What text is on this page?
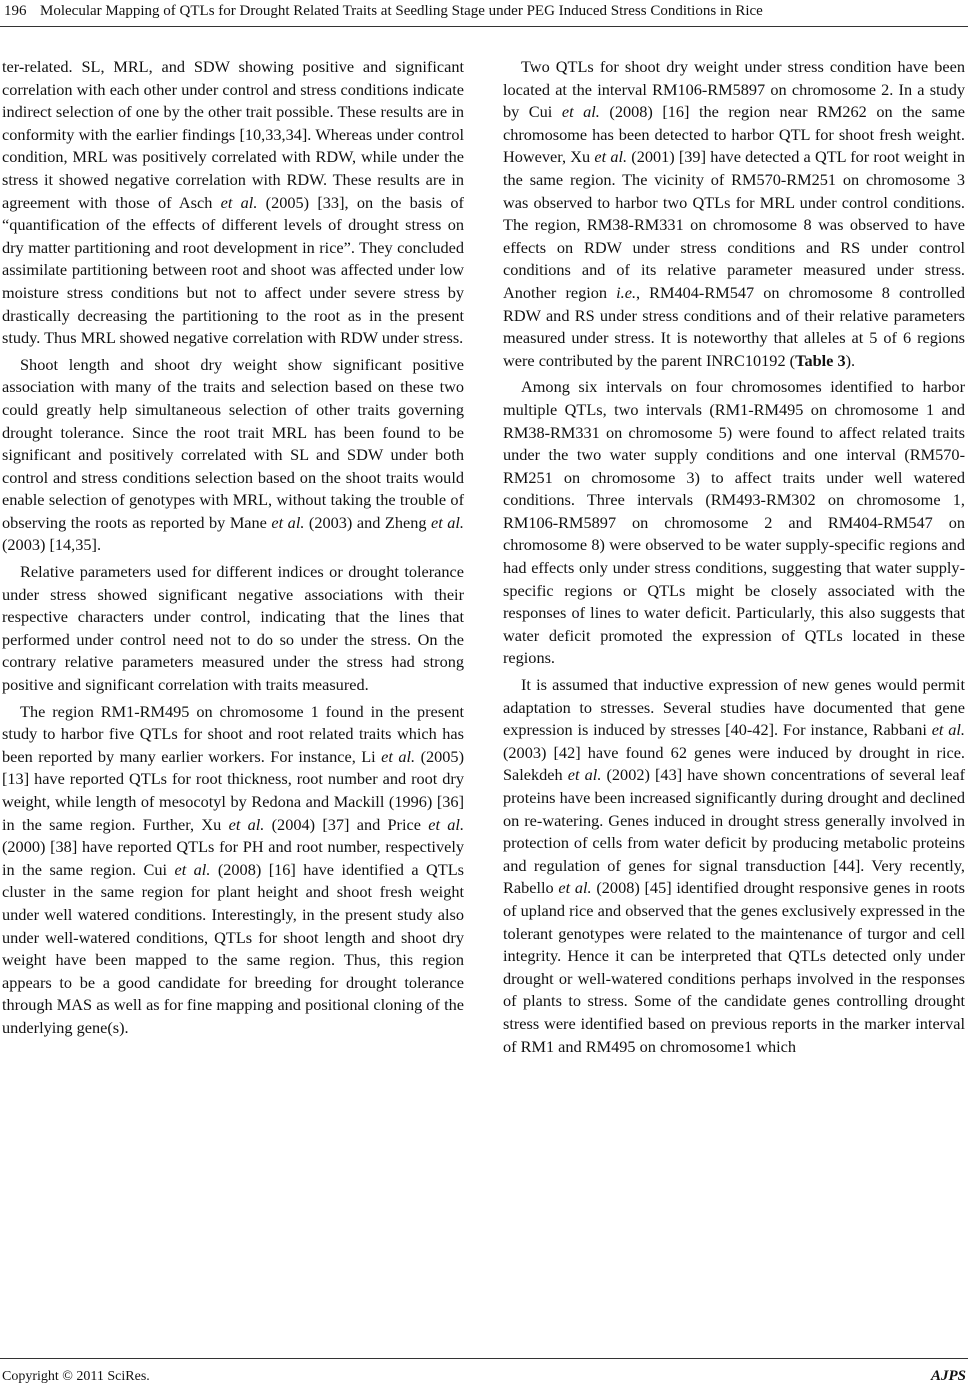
196 Molecular Mapping of QTLs for Drought Related Traits at Seedling Stage under PEG Induced Stress Conditions in Rice

ter-related. SL, MRL, and SDW showing positive and significant correlation with each other under control and stress conditions indicate indirect selection of one by the other trait possible. These results are in conformity with the earlier findings [10,33,34]. Whereas under control condition, MRL was positively correlated with RDW, while under the stress it showed negative correlation with RDW. These results are in agreement with those of Asch et al. (2005) [33], on the basis of “quantification of the effects of different levels of drought stress on dry matter partitioning and root development in rice”. They concluded assimilate partitioning between root and shoot was affected under low moisture stress conditions but not to affect under severe stress by drastically decreasing the partitioning to the root as in the present study. Thus MRL showed negative correlation with RDW under stress.

Shoot length and shoot dry weight show significant positive association with many of the traits and selection based on these two could greatly help simultaneous selection of other traits governing drought tolerance. Since the root trait MRL has been found to be significant and positively correlated with SL and SDW under both control and stress conditions selection based on the shoot traits would enable selection of genotypes with MRL, without taking the trouble of observing the roots as reported by Mane et al. (2003) and Zheng et al. (2003) [14,35].

Relative parameters used for different indices or drought tolerance under stress showed significant negative associations with their respective characters under control, indicating that the lines that performed under control need not to do so under the stress. On the contrary relative parameters measured under the stress had strong positive and significant correlation with traits measured.

The region RM1-RM495 on chromosome 1 found in the present study to harbor five QTLs for shoot and root related traits which has been reported by many earlier workers. For instance, Li et al. (2005) [13] have reported QTLs for root thickness, root number and root dry weight, while length of mesocotyl by Redona and Mackill (1996) [36] in the same region. Further, Xu et al. (2004) [37] and Price et al. (2000) [38] have reported QTLs for PH and root number, respectively in the same region. Cui et al. (2008) [16] have identified a QTLs cluster in the same region for plant height and shoot fresh weight under well watered conditions. Interestingly, in the present study also under well-watered conditions, QTLs for shoot length and shoot dry weight have been mapped to the same region. Thus, this region appears to be a good candidate for breeding for drought tolerance through MAS as well as for fine mapping and positional cloning of the underlying gene(s).

Two QTLs for shoot dry weight under stress condition have been located at the interval RM106-RM5897 on chromosome 2. In a study by Cui et al. (2008) [16] the region near RM262 on the same chromosome has been detected to harbor QTL for shoot fresh weight. However, Xu et al. (2001) [39] have detected a QTL for root weight in the same region. The vicinity of RM570-RM251 on chromosome 3 was observed to harbor two QTLs for MRL under control conditions. The region, RM38-RM331 on chromosome 8 was observed to have effects on RDW under stress conditions and RS under control conditions and of its relative parameter measured under stress. Another region i.e., RM404-RM547 on chromosome 8 controlled RDW and RS under stress conditions and of their relative parameters measured under stress. It is noteworthy that alleles at 5 of 6 regions were contributed by the parent INRC10192 (Table 3).

Among six intervals on four chromosomes identified to harbor multiple QTLs, two intervals (RM1-RM495 on chromosome 1 and RM38-RM331 on chromosome 5) were found to affect related traits under the two water supply conditions and one interval (RM570-RM251 on chromosome 3) to affect traits under well watered conditions. Three intervals (RM493-RM302 on chromosome 1, RM106-RM5897 on chromosome 2 and RM404-RM547 on chromosome 8) were observed to be water supply-specific regions and had effects only under stress conditions, suggesting that water supply-specific regions or QTLs might be closely associated with the responses of lines to water deficit. Particularly, this also suggests that water deficit promoted the expression of QTLs located in these regions.

It is assumed that inductive expression of new genes would permit adaptation to stresses. Several studies have documented that gene expression is induced by stresses [40-42]. For instance, Rabbani et al. (2003) [42] have found 62 genes were induced by drought in rice. Salekdeh et al. (2002) [43] have shown concentrations of several leaf proteins have been increased significantly during drought and declined on re-watering. Genes induced in drought stress generally involved in protection of cells from water deficit by producing metabolic proteins and regulation of genes for signal transduction [44]. Very recently, Rabello et al. (2008) [45] identified drought responsive genes in roots of upland rice and observed that the genes exclusively expressed in the tolerant genotypes were related to the maintenance of turgor and cell integrity. Hence it can be interpreted that QTLs detected only under drought or well-watered conditions perhaps involved in the responses of plants to stress. Some of the candidate genes controlling drought stress were identified based on previous reports in the marker interval of RM1 and RM495 on chromosome1 which

Copyright © 2011 SciRes.	AJPS
